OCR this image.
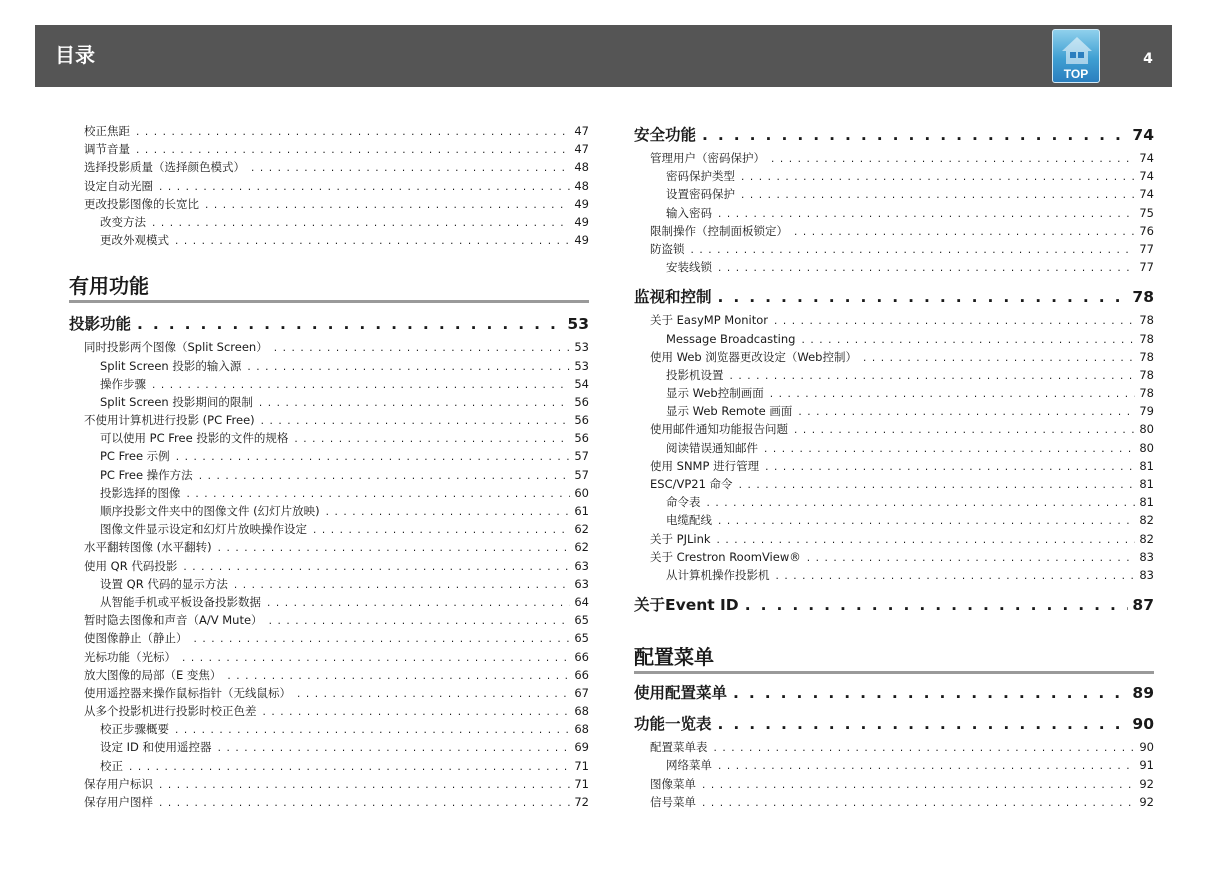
目录
TOP
4
校正焦距 . . .	47
调节音量 . . .	47
选择投影质量（选择颜色模式） . . .	48
设定自动光圈 . . .	48
更改投影图像的长宽比 . . .	49
改变方法 . . .	49
更改外观模式 . . .	49
有用功能
投影功能 . . .	53
同时投影两个图像（Split Screen） . . .	53
Split Screen 投影的输入源 . . .	53
操作步骤 . . .	54
Split Screen 投影期间的限制 . . .	56
不使用计算机进行投影 (PC Free) . . .	56
可以使用 PC Free 投影的文件的规格 . . .	56
PC Free 示例 . . .	57
PC Free 操作方法 . . .	57
投影选择的图像 . . .	60
顺序投影文件夹中的图像文件 (幻灯片放映) . . .	61
图像文件显示设定和幻灯片放映操作设定 . . .	62
水平翻转图像 (水平翻转) . . .	62
使用 QR 代码投影 . . .	63
设置 QR 代码的显示方法 . . .	63
从智能手机或平板设备投影数据 . . .	64
暂时隐去图像和声音（A/V Mute） . . .	65
使图像静止（静止） . . .	65
光标功能（光标） . . .	66
放大图像的局部（E 变焦） . . .	66
使用遥控器来操作鼠标指针（无线鼠标） . . .	67
从多个投影机进行投影时校正色差 . . .	68
校正步骤概要 . . .	68
设定 ID 和使用遥控器 . . .	69
校正 . . .	71
保存用户标识 . . .	71
保存用户图样 . . .	72
安全功能 . . .	74
管理用户（密码保护） . . .	74
密码保护类型 . . .	74
设置密码保护 . . .	74
输入密码 . . .	75
限制操作（控制面板锁定） . . .	76
防盗锁 . . .	77
安装线锁 . . .	77
监视和控制 . . .	78
关于 EasyMP Monitor . . .	78
Message Broadcasting . . .	78
使用 Web 浏览器更改设定（Web控制） . . .	78
投影机设置 . . .	78
显示 Web控制画面 . . .	78
显示 Web Remote 画面 . . .	79
使用邮件通知功能报告问题 . . .	80
阅读错误通知邮件 . . .	80
使用 SNMP 进行管理 . . .	81
ESC/VP21 命令 . . .	81
命令表 . . .	81
电缆配线 . . .	82
关于 PJLink . . .	82
关于 Crestron RoomView® . . .	83
从计算机操作投影机 . . .	83
关于Event ID . . .	87
配置菜单
使用配置菜单 . . .	89
功能一览表 . . .	90
配置菜单表 . . .	90
网络菜单 . . .	91
图像菜单 . . .	92
信号菜单 . . .	92
